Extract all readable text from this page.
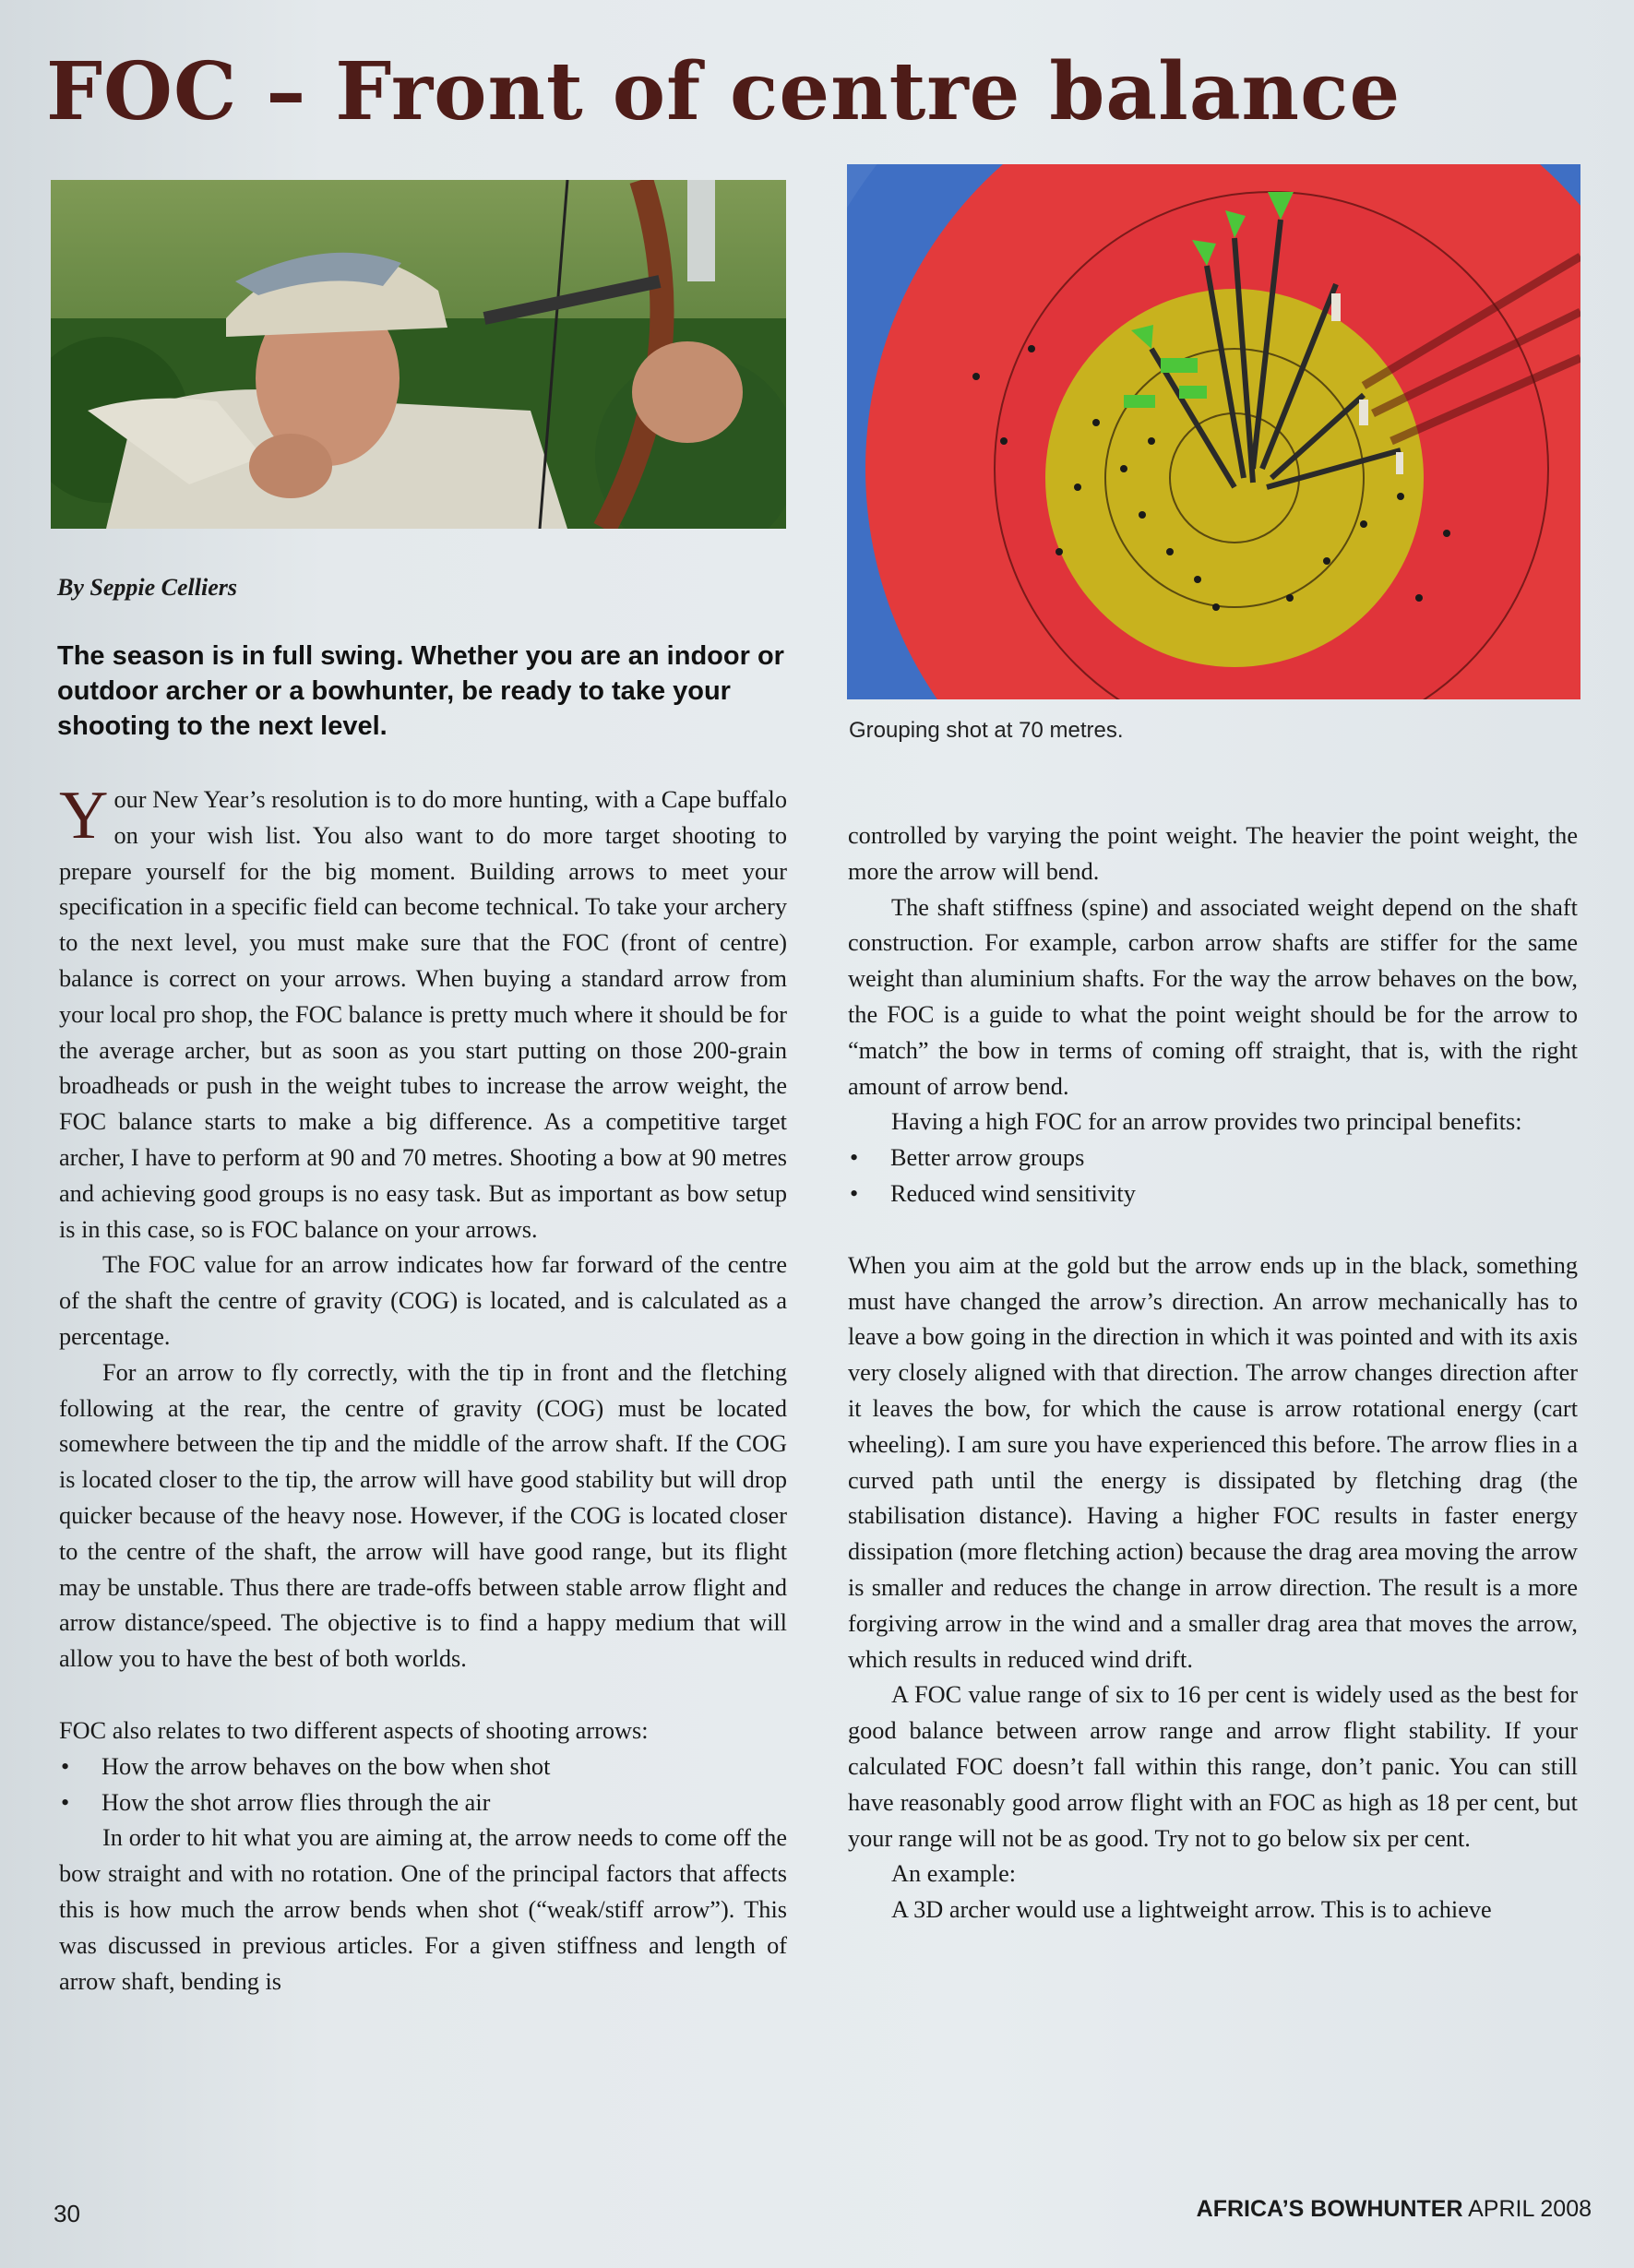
FOC – Front of centre balance
By Seppie Celliers
The season is in full swing. Whether you are an indoor or outdoor archer or a bowhunter, be ready to take your shooting to the next level.	Grouping shot at 70 metres.

Your New Year’s resolution is to do more hunting, with a Cape buffalo on your wish list. You also want to do more target shooting to prepare yourself for the big moment. Building arrows to meet your specification in a specific field can become technical. To take your archery to the next level, you must make sure that the FOC (front of centre) balance is correct on your arrows. When buying a standard arrow from your local pro shop, the FOC balance is pretty much where it should be for the average archer, but as soon as you start putting on those 200-grain broadheads or push in the weight tubes to increase the arrow weight, the FOC balance starts to make a big difference. As a competitive target archer, I have to perform at 90 and 70 metres. Shooting a bow at 90 metres and achieving good groups is no easy task. But as important as bow setup is in this case, so is FOC balance on your arrows.

The FOC value for an arrow indicates how far forward of the centre of the shaft the centre of gravity (COG) is located, and is calculated as a percentage.

For an arrow to fly correctly, with the tip in front and the fletching following at the rear, the centre of gravity (COG) must be located somewhere between the tip and the middle of the arrow shaft. If the COG is located closer to the tip, the arrow will have good stability but will drop quicker because of the heavy nose. However, if the COG is located closer to the centre of the shaft, the arrow will have good range, but its flight may be unstable. Thus there are trade-offs between stable arrow flight and arrow distance/speed. The objective is to find a happy medium that will allow you to have the best of both worlds.

FOC also relates to two different aspects of shooting arrows:

• How the arrow behaves on the bow when shot
• How the shot arrow flies through the air

In order to hit what you are aiming at, the arrow needs to come off the bow straight and with no rotation. One of the principal factors that affects this is how much the arrow bends when shot (“weak/stiff arrow”). This was discussed in previous articles. For a given stiffness and length of arrow shaft, bending is

controlled by varying the point weight. The heavier the point weight, the more the arrow will bend.

The shaft stiffness (spine) and associated weight depend on the shaft construction. For example, carbon arrow shafts are stiffer for the same weight than aluminium shafts. For the way the arrow behaves on the bow, the FOC is a guide to what the point weight should be for the arrow to “match” the bow in terms of coming off straight, that is, with the right amount of arrow bend.

Having a high FOC for an arrow provides two principal benefits:

• Better arrow groups
• Reduced wind sensitivity

When you aim at the gold but the arrow ends up in the black, something must have changed the arrow’s direction. An arrow mechanically has to leave a bow going in the direction in which it was pointed and with its axis very closely aligned with that direction. The arrow changes direction after it leaves the bow, for which the cause is arrow rotational energy (cart wheeling). I am sure you have experienced this before. The arrow flies in a curved path until the energy is dissipated by fletching drag (the stabilisation distance). Having a higher FOC results in faster energy dissipation (more fletching action) because the drag area moving the arrow is smaller and reduces the change in arrow direction. The result is a more forgiving arrow in the wind and a smaller drag area that moves the arrow, which results in reduced wind drift.

A FOC value range of six to 16 per cent is widely used as the best for good balance between arrow range and arrow flight stability. If your calculated FOC doesn’t fall within this range, don’t panic. You can still have reasonably good arrow flight with an FOC as high as 18 per cent, but your range will not be as good. Try not to go below six per cent.

An example:

A 3D archer would use a lightweight arrow. This is to achieve

30	AFRICA’S BOWHUNTER APRIL 2008
